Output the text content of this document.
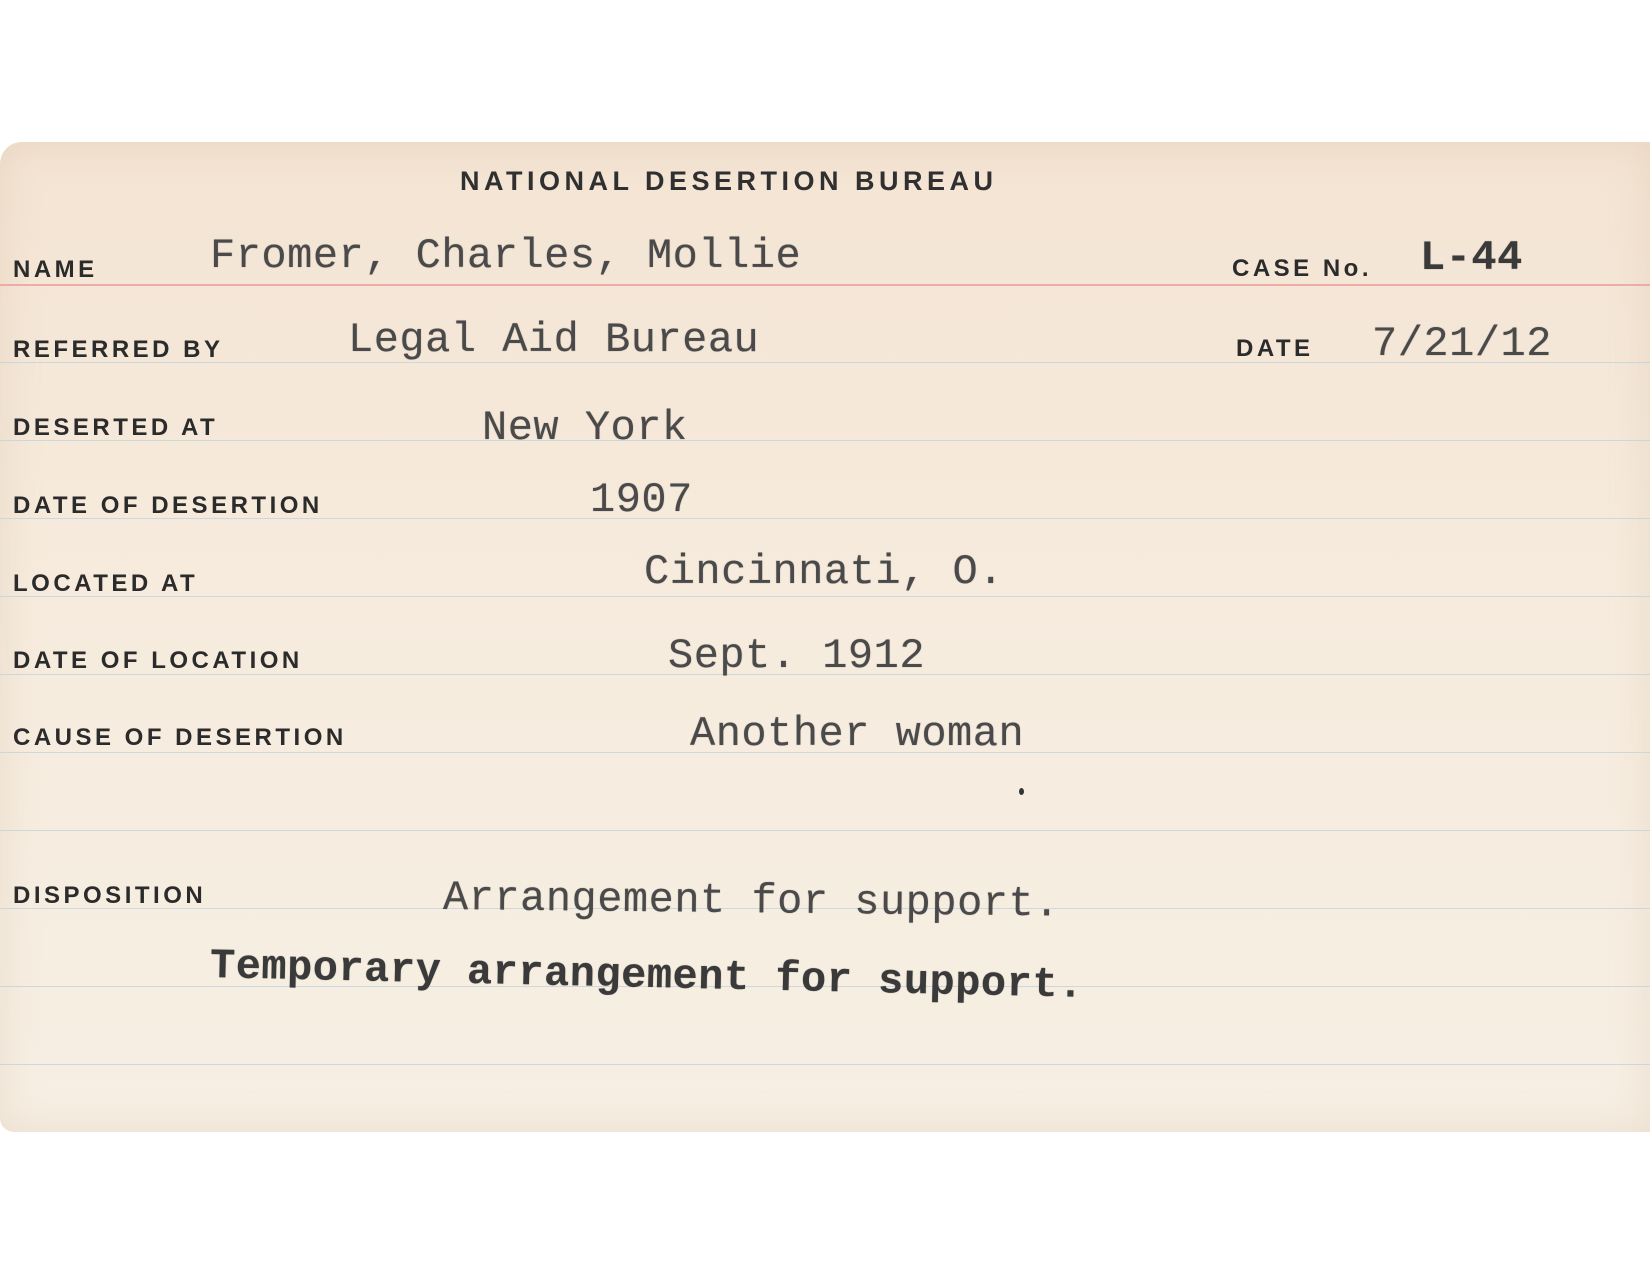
NATIONAL DESERTION BUREAU
NAME	Fromer, Charles, Mollie	CASE No. L-44
REFERRED BY	Legal Aid Bureau	DATE 7/21/12
DESERTED AT	New York
DATE OF DESERTION	1907
LOCATED AT	Cincinnati, O.
DATE OF LOCATION	Sept. 1912
CAUSE OF DESERTION	Another woman
DISPOSITION	Arrangement for support.
Temporary arrangement for support.
